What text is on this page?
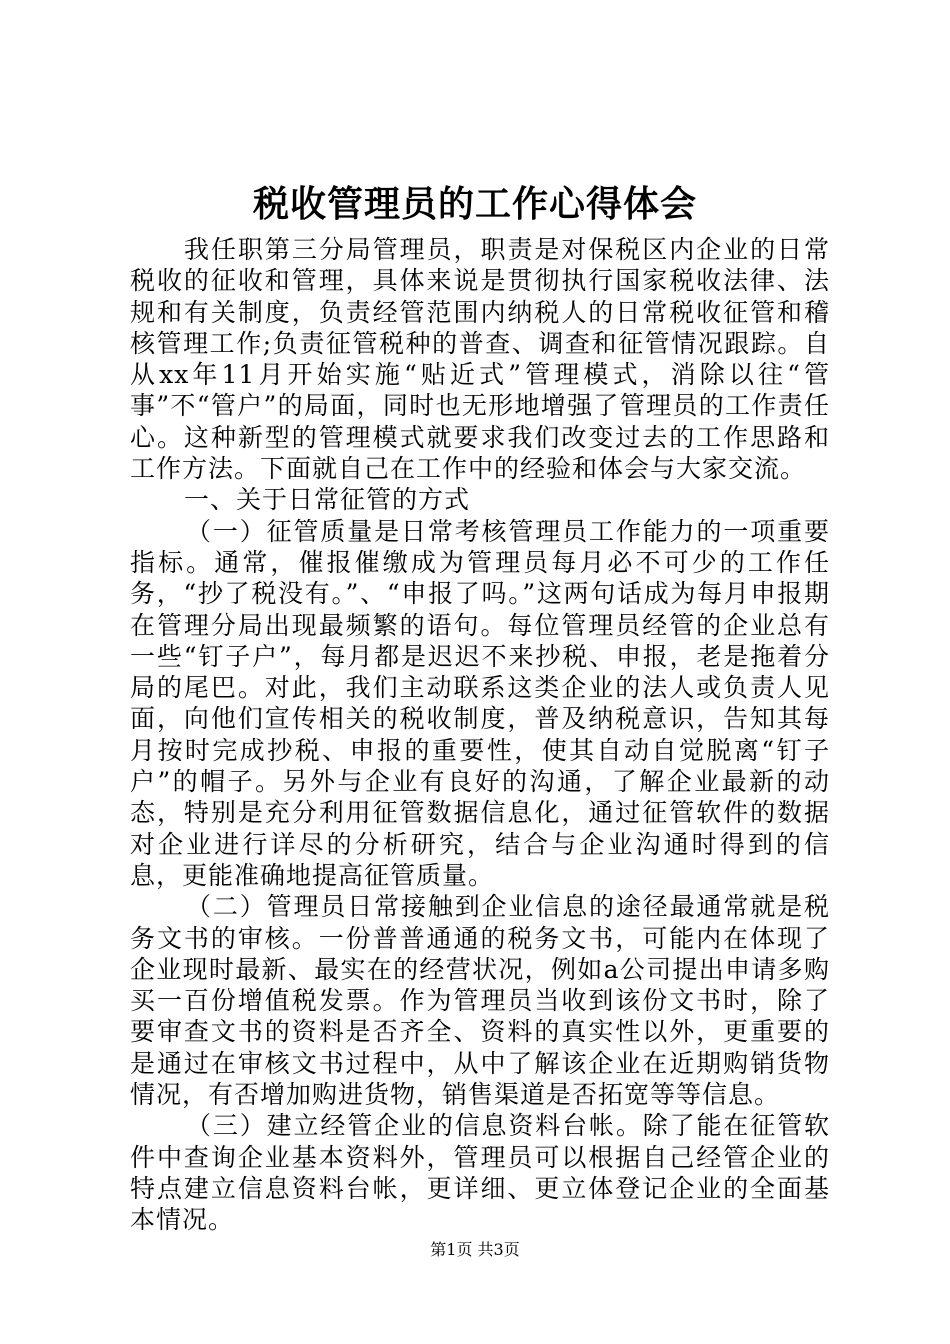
税收管理员的工作心得体会

我任职第三分局管理员，职责是对保税区内企业的日常税收的征收和管理，具体来说是贯彻执行国家税收法律、法规和有关制度，负责经管范围内纳税人的日常税收征管和稽核管理工作;负责征管税种的普查、调查和征管情况跟踪。自从xx年11月开始实施“贴近式”管理模式，消除以往“管事”不“管户”的局面，同时也无形地增强了管理员的工作责任心。这种新型的管理模式就要求我们改变过去的工作思路和工作方法。下面就自己在工作中的经验和体会与大家交流。

一、关于日常征管的方式

（一）征管质量是日常考核管理员工作能力的一项重要指标。通常，催报催缴成为管理员每月必不可少的工作任务，“抄了税没有。”、“申报了吗。”这两句话成为每月申报期在管理分局出现最频繁的语句。每位管理员经管的企业总有一些“钉子户”，每月都是迟迟不来抄税、申报，老是拖着分局的尾巴。对此，我们主动联系这类企业的法人或负责人见面，向他们宣传相关的税收制度，普及纳税意识，告知其每月按时完成抄税、申报的重要性，使其自动自觉脱离“钉子户”的帽子。另外与企业有良好的沟通，了解企业最新的动态，特别是充分利用征管数据信息化，通过征管软件的数据对企业进行详尽的分析研究，结合与企业沟通时得到的信息，更能准确地提高征管质量。

（二）管理员日常接触到企业信息的途径最通常就是税务文书的审核。一份普普通通的税务文书，可能内在体现了企业现时最新、最实在的经营状况，例如a公司提出申请多购买一百份增值税发票。作为管理员当收到该份文书时，除了要审查文书的资料是否齐全、资料的真实性以外，更重要的是通过在审核文书过程中，从中了解该企业在近期购销货物情况，有否增加购进货物，销售渠道是否拓宽等等信息。

（三）建立经管企业的信息资料台帐。除了能在征管软件中查询企业基本资料外，管理员可以根据自己经管企业的特点建立信息资料台帐，更详细、更立体登记企业的全面基本情况。

第1页 共3页
